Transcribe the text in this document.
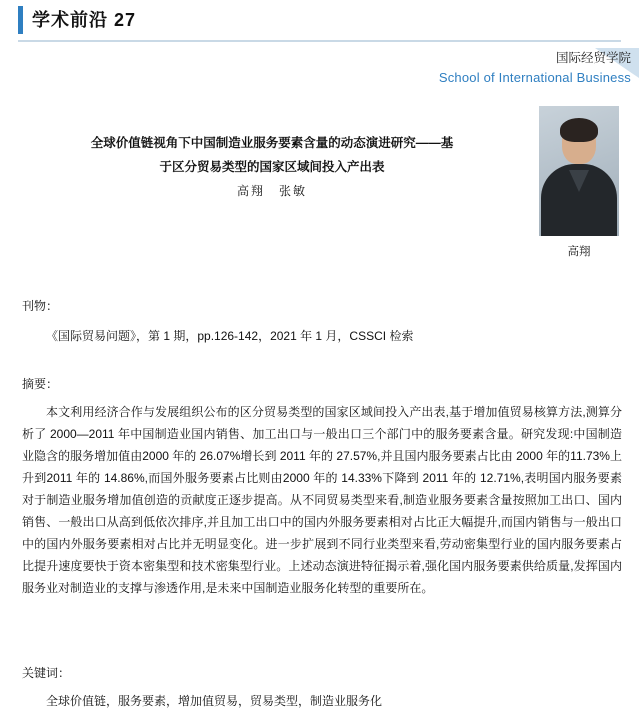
学术前沿 27
国际经贸学院
School of International Business
全球价值链视角下中国制造业服务要素含量的动态演进研究——基
于区分贸易类型的国家区域间投入产出表
高翔　张敏
高翔
刊物：
《国际贸易问题》，第 1 期，pp.126-142，2021 年 1 月，CSSCI 检索
摘要：
本文利用经济合作与发展组织公布的区分贸易类型的国家区域间投入产出表,基于增加值贸易核算方法,测算分析了 2000—2011 年中国制造业国内销售、加工出口与一般出口三个部门中的服务要素含量。研究发现:中国制造业隐含的服务增加值由2000 年的 26.07%增长到 2011 年的 27.57%,并且国内服务要素占比由 2000 年的11.73%上升到2011 年的 14.86%,而国外服务要素占比则由2000 年的 14.33%下降到 2011 年的 12.71%,表明国内服务要素对于制造业服务增加值创造的贡献度正逐步提高。从不同贸易类型来看,制造业服务要素含量按照加工出口、国内销售、一般出口从高到低依次排序,并且加工出口中的国内外服务要素相对占比正大幅提升,而国内销售与一般出口中的国内外服务要素相对占比并无明显变化。进一步扩展到不同行业类型来看,劳动密集型行业的国内服务要素占比提升速度要快于资本密集型和技术密集型行业。上述动态演进特征揭示着,强化国内服务要素供给质量,发挥国内服务业对制造业的支撑与渗透作用,是未来中国制造业服务化转型的重要所在。
关键词：
全球价值链，服务要素，增加值贸易，贸易类型，制造业服务化
